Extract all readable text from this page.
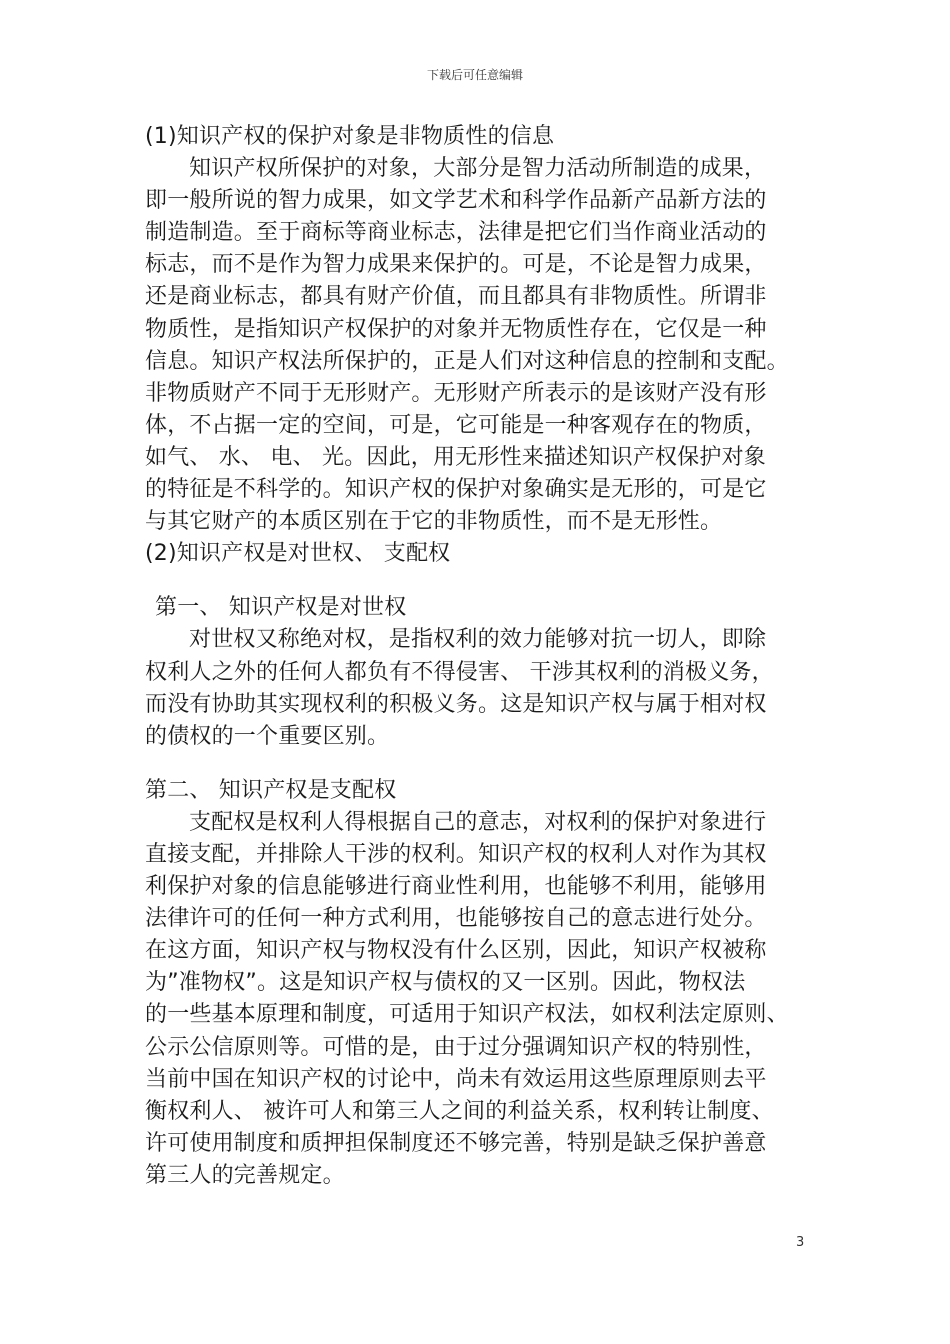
下载后可任意编辑
(1)知识产权的保护对象是非物质性的信息
知识产权所保护的对象，大部分是智力活动所制造的成果，
即一般所说的智力成果，如文学艺术和科学作品新产品新方法的
制造制造。至于商标等商业标志，法律是把它们当作商业活动的
标志，而不是作为智力成果来保护的。可是，不论是智力成果，
还是商业标志，都具有财产价值，而且都具有非物质性。所谓非
物质性，是指知识产权保护的对象并无物质性存在，它仅是一种
信息。知识产权法所保护的，正是人们对这种信息的控制和支配。
非物质财产不同于无形财产。无形财产所表示的是该财产没有形
体，不占据一定的空间，可是，它可能是一种客观存在的物质，
如气、 水、 电、 光。因此，用无形性来描述知识产权保护对象
的特征是不科学的。知识产权的保护对象确实是无形的，可是它
与其它财产的本质区别在于它的非物质性，而不是无形性。
(2)知识产权是对世权、 支配权
第一、 知识产权是对世权
对世权又称绝对权，是指权利的效力能够对抗一切人，即除
权利人之外的任何人都负有不得侵害、 干涉其权利的消极义务，
而没有协助其实现权利的积极义务。这是知识产权与属于相对权
的债权的一个重要区别。
第二、 知识产权是支配权
支配权是权利人得根据自己的意志，对权利的保护对象进行
直接支配，并排除人干涉的权利。知识产权的权利人对作为其权
利保护对象的信息能够进行商业性利用，也能够不利用，能够用
法律许可的任何一种方式利用，也能够按自己的意志进行处分。
在这方面，知识产权与物权没有什么区别，因此，知识产权被称
为”准物权”。这是知识产权与债权的又一区别。因此，物权法
的一些基本原理和制度，可适用于知识产权法，如权利法定原则、
公示公信原则等。可惜的是，由于过分强调知识产权的特别性，
当前中国在知识产权的讨论中，尚未有效运用这些原理原则去平
衡权利人、 被许可人和第三人之间的利益关系，权利转让制度、
许可使用制度和质押担保制度还不够完善，特别是缺乏保护善意
第三人的完善规定。
3
